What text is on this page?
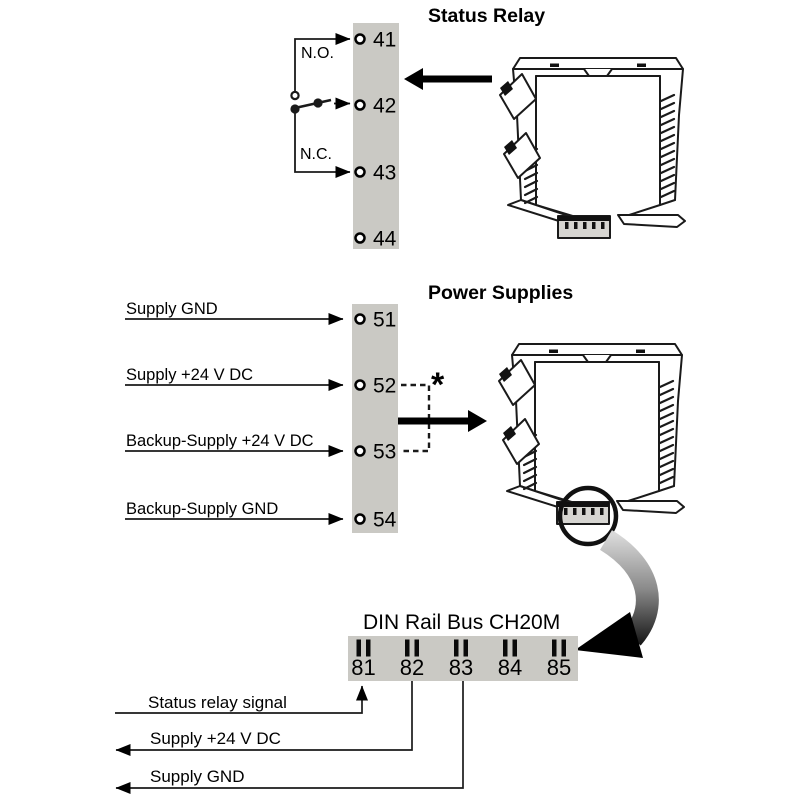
Status Relay
N.O.
N.C.
41
42
43
44
Power Supplies
Supply GND
Supply +24 V DC
Backup-Supply +24 V DC
Backup-Supply GND
51
52
53
54
*
DIN Rail Bus CH20M
81 82 83 84 85
Status relay signal
Supply +24 V DC
Supply GND
